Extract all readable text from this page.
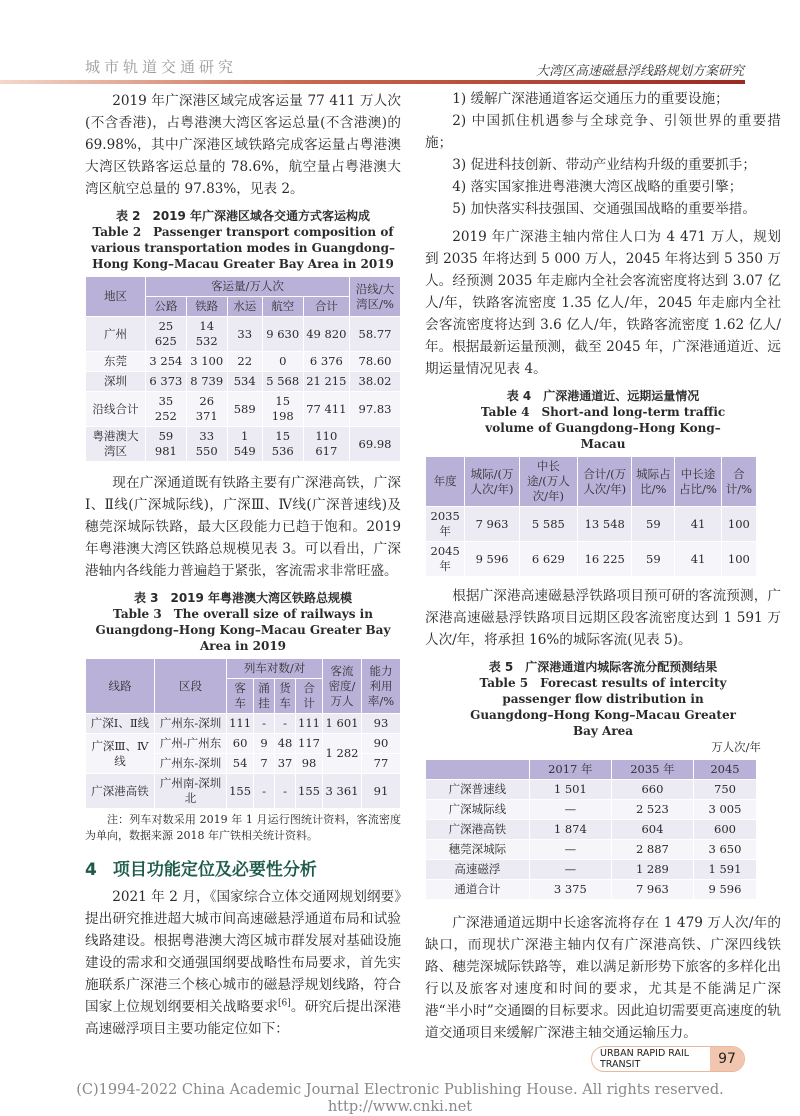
大湾区高速磁悬浮线路规划方案研究
城市轨道交通研究

2019 年广深港区域完成客运量 77 411 万人次(不含香港)，占粤港澳大湾区客运总量(不含港澳)的 69.98%，其中广深港区域铁路完成客运量占粤港澳大湾区铁路客运总量的 78.6%，航空量占粤港澳大湾区航空总量的 97.83%，见表 2。

表 2　2019 年广深港区域各交通方式客运构成
Table 2　Passenger transport composition of various transportation modes in Guangdong–Hong Kong–Macau Greater Bay Area in 2019
地区	客运量/万人次					沿线/大湾区/%
	公路	铁路	水运	航空	合计	
广州	25 625	14 532	33	9 630	49 820	58.77
东莞	3 254	3 100	22	0	6 376	78.60
深圳	6 373	8 739	534	5 568	21 215	38.02
沿线合计	35 252	26 371	589	15 198	77 411	97.83
粤港澳大湾区	59 981	33 550	1 549	15 536	110 617	69.98

现在广深通道既有铁路主要有广深港高铁，广深Ⅰ、Ⅱ线(广深城际线)，广深Ⅲ、Ⅳ线(广深普速线)及穗莞深城际铁路，最大区段能力已趋于饱和。2019 年粤港澳大湾区铁路总规模见表 3。可以看出，广深港轴内各线能力普遍趋于紧张，客流需求非常旺盛。

表 3　2019 年粤港澳大湾区铁路总规模
Table 3　The overall size of railways in Guangdong–Hong Kong–Macau Greater Bay Area in 2019
线路	区段	列车对数/对				客流密度/万人	能力利用率/%
		客车	涌挂	货车	合计		
广深Ⅰ、Ⅱ线	广州东-深圳	111	-	-	111	1 601	93
广深Ⅲ、Ⅳ线	广州-广州东	60	9	48	117	1 282	90
	广州东-深圳	54	7	37	98		77
广深港高铁	广州南-深圳北	155	-	-	155	3 361	91
注：列车对数采用 2019 年 1 月运行图统计资料，客流密度为单向，数据来源 2018 年广铁相关统计资料。
4 项目功能定位及必要性分析

2021 年 2 月，《国家综合立体交通网规划纲要》提出研究推进超大城市间高速磁悬浮通道布局和试验线路建设。根据粤港澳大湾区城市群发展对基础设施建设的需求和交通强国纲要战略性布局要求，首先实施联系广深港三个核心城市的磁悬浮规划线路，符合国家上位规划纲要相关战略要求[6]。研究后提出深港高速磁浮项目主要功能定位如下：

1) 缓解广深港通道客运交通压力的重要设施；

2) 中国抓住机遇参与全球竞争、引领世界的重要措施；

3) 促进科技创新、带动产业结构升级的重要抓手；

4) 落实国家推进粤港澳大湾区战略的重要引擎；

5) 加快落实科技强国、交通强国战略的重要举措。

2019 年广深港主轴内常住人口为 4 471 万人，规划到 2035 年将达到 5 000 万人，2045 年将达到 5 350 万人。经预测 2035 年走廊内全社会客流密度将达到 3.07 亿人/年，铁路客流密度 1.35 亿人/年，2045 年走廊内全社会客流密度将达到 3.6 亿人/年，铁路客流密度 1.62 亿人/年。根据最新运量预测，截至 2045 年，广深港通道近、远期运量情况见表 4。

表 4　广深港通道近、远期运量情况
Table 4　Short-and long-term traffic volume of Guangdong–Hong Kong–Macau
年度	城际/(万人次/年)	中长途/(万人次/年)	合计/(万人次/年)	城际占比/%	中长途占比/%	合计/%
2035 年	7 963	5 585	13 548	59	41	100
2045 年	9 596	6 629	16 225	59	41	100

根据广深港高速磁悬浮铁路项目预可研的客流预测，广深港高速磁悬浮铁路项目远期区段客流密度达到 1 591 万人次/年，将承担 16%的城际客流(见表 5)。

表 5　广深港通道内城际客流分配预测结果
Table 5　Forecast results of intercity passenger flow distribution in Guangdong–Hong Kong–Macau Greater Bay Area
万人次/年
	2017 年	2035 年	2045
广深普速线	1 501	660	750
广深城际线	—	2 523	3 005
广深港高铁	1 874	604	600
穗莞深城际	—	2 887	3 650
高速磁浮	—	1 289	1 591
通道合计	3 375	7 963	9 596

广深港通道远期中长途客流将存在 1 479 万人次/年的缺口，而现状广深港主轴内仅有广深港高铁、广深四线铁路、穗莞深城际铁路等，难以满足新形势下旅客的多样化出行以及旅客对速度和时间的要求，尤其是不能满足广深港“半小时”交通圈的目标要求。因此迫切需要更高速度的轨道交通项目来缓解广深港主轴交通运输压力。

URBAN RAPID RAIL TRANSIT	97
(C)1994-2022 China Academic Journal Electronic Publishing House. All rights reserved.　http://www.cnki.net
